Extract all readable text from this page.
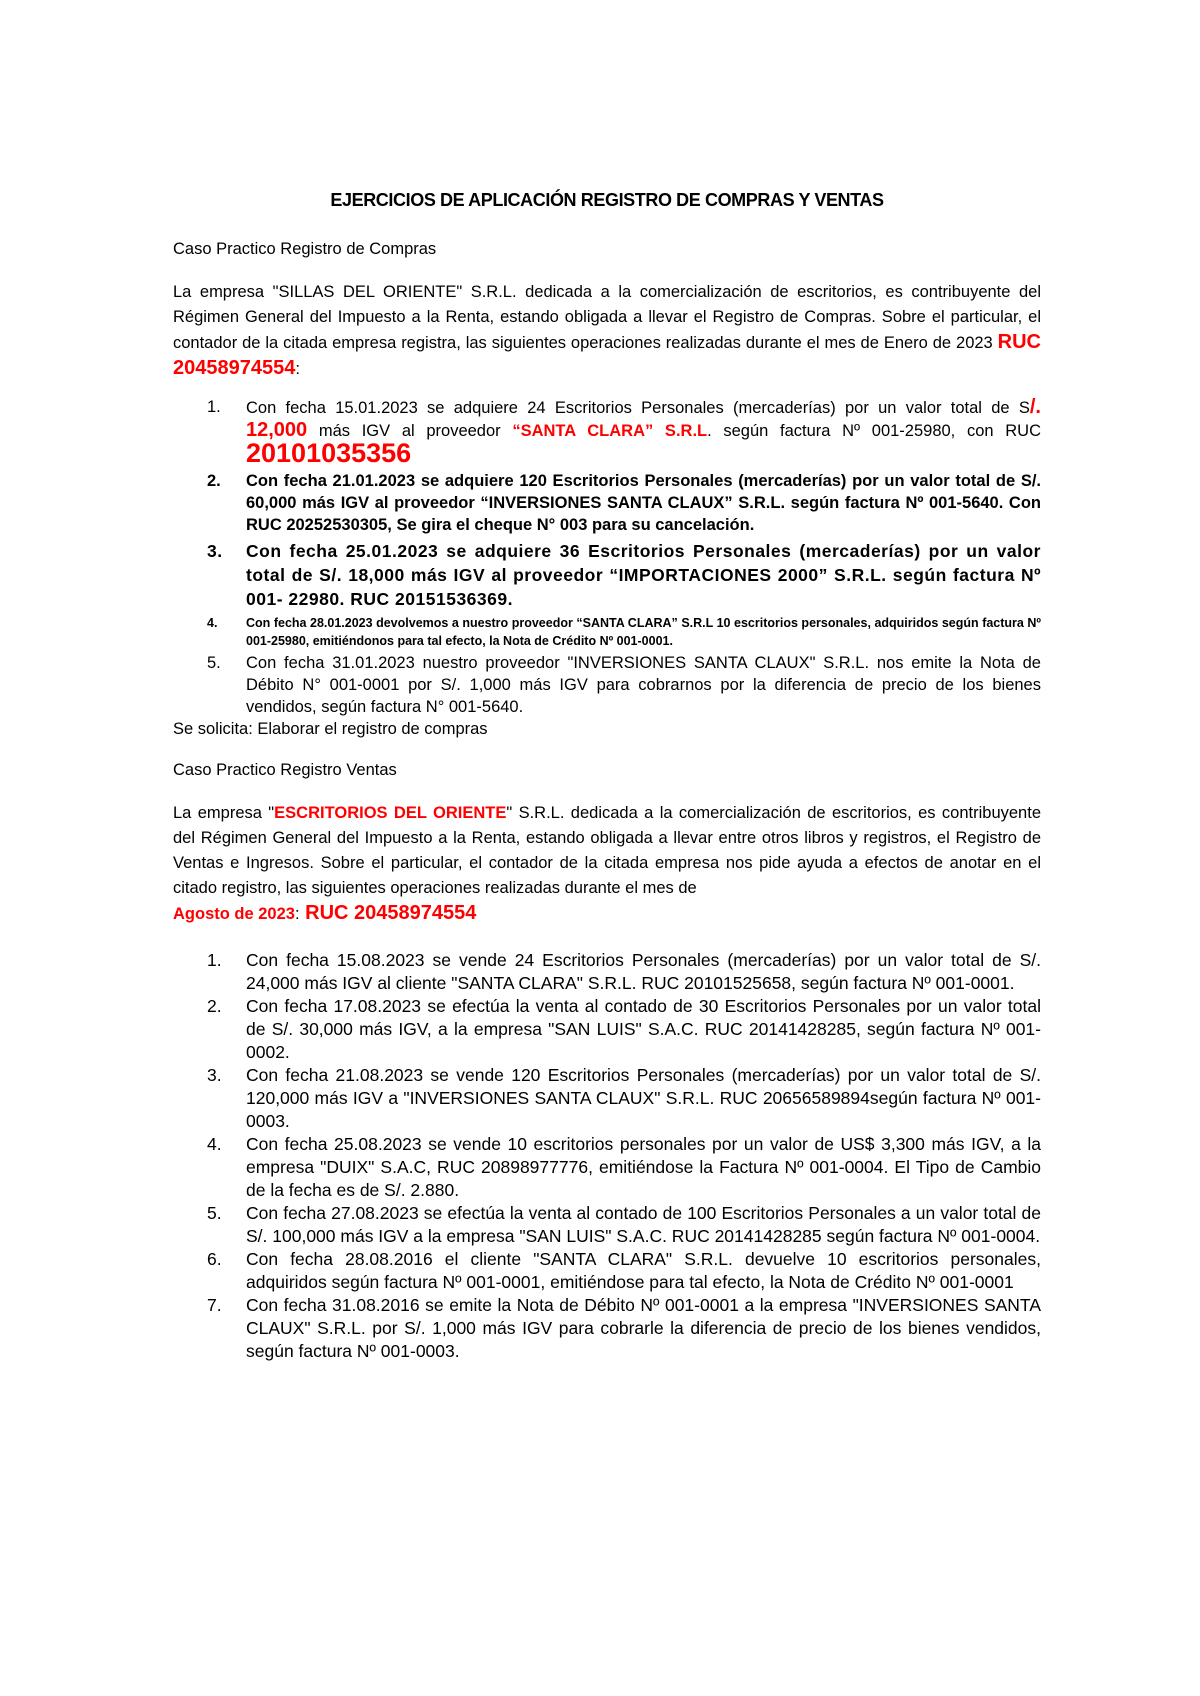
EJERCICIOS DE APLICACIÓN REGISTRO DE COMPRAS Y VENTAS

Caso Practico Registro de Compras

La empresa "SILLAS DEL ORIENTE" S.R.L. dedicada a la comercialización de escritorios, es contribuyente del Régimen General del Impuesto a la Renta, estando obligada a llevar el Registro de Compras. Sobre el particular, el contador de la citada empresa registra, las siguientes operaciones realizadas durante el mes de Enero de 2023 RUC 20458974554:

1. Con fecha 15.01.2023 se adquiere 24 Escritorios Personales (mercaderías) por un valor total de S/. 12,000 más IGV al proveedor “SANTA CLARA” S.R.L. según factura Nº 001-25980, con RUC 20101035356
2. Con fecha 21.01.2023 se adquiere 120 Escritorios Personales (mercaderías) por un valor total de S/. 60,000 más IGV al proveedor “INVERSIONES SANTA CLAUX” S.R.L. según factura Nº 001-5640. Con RUC 20252530305, Se gira el cheque N° 003 para su cancelación.
3. Con fecha 25.01.2023 se adquiere 36 Escritorios Personales (mercaderías) por un valor total de S/. 18,000 más IGV al proveedor “IMPORTACIONES 2000” S.R.L. según factura Nº 001- 22980. RUC 20151536369.
4. Con fecha 28.01.2023 devolvemos a nuestro proveedor “SANTA CLARA” S.R.L 10 escritorios personales, adquiridos según factura Nº 001-25980, emitiéndonos para tal efecto, la Nota de Crédito Nº 001-0001.
5. Con fecha 31.01.2023 nuestro proveedor "INVERSIONES SANTA CLAUX" S.R.L. nos emite la Nota de Débito N° 001-0001 por S/. 1,000 más IGV para cobrarnos por la diferencia de precio de los bienes vendidos, según factura N° 001-5640.

Se solicita: Elaborar el registro de compras

Caso Practico Registro Ventas

La empresa "ESCRITORIOS DEL ORIENTE" S.R.L. dedicada a la comercialización de escritorios, es contribuyente del Régimen General del Impuesto a la Renta, estando obligada a llevar entre otros libros y registros, el Registro de Ventas e Ingresos. Sobre el particular, el contador de la citada empresa nos pide ayuda a efectos de anotar en el citado registro, las siguientes operaciones realizadas durante el mes de
Agosto de 2023: RUC 20458974554

1. Con fecha 15.08.2023 se vende 24 Escritorios Personales (mercaderías) por un valor total de S/. 24,000 más IGV al cliente "SANTA CLARA" S.R.L. RUC 20101525658, según factura Nº 001-0001.
2. Con fecha 17.08.2023 se efectúa la venta al contado de 30 Escritorios Personales por un valor total de S/. 30,000 más IGV, a la empresa "SAN LUIS" S.A.C. RUC 20141428285, según factura Nº 001-0002.
3. Con fecha 21.08.2023 se vende 120 Escritorios Personales (mercaderías) por un valor total de S/. 120,000 más IGV a "INVERSIONES SANTA CLAUX" S.R.L. RUC 20656589894según factura Nº 001-0003.
4. Con fecha 25.08.2023 se vende 10 escritorios personales por un valor de US$ 3,300 más IGV, a la empresa "DUIX" S.A.C, RUC 20898977776, emitiéndose la Factura Nº 001-0004. El Tipo de Cambio de la fecha es de S/. 2.880.
5. Con fecha 27.08.2023 se efectúa la venta al contado de 100 Escritorios Personales a un valor total de S/. 100,000 más IGV a la empresa "SAN LUIS" S.A.C. RUC 20141428285 según factura Nº 001-0004.
6. Con fecha 28.08.2016 el cliente "SANTA CLARA" S.R.L. devuelve 10 escritorios personales, adquiridos según factura Nº 001-0001, emitiéndose para tal efecto, la Nota de Crédito Nº 001-0001
7. Con fecha 31.08.2016 se emite la Nota de Débito Nº 001-0001 a la empresa "INVERSIONES SANTA CLAUX" S.R.L. por S/. 1,000 más IGV para cobrarle la diferencia de precio de los bienes vendidos, según factura Nº 001-0003.
